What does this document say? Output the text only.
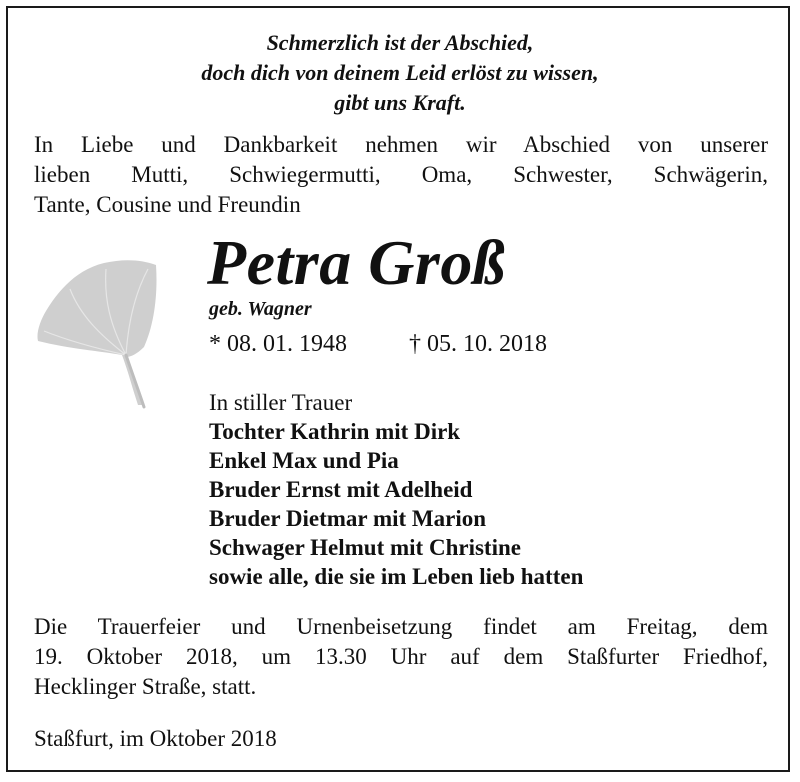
Schmerzlich ist der Abschied,
doch dich von deinem Leid erlöst zu wissen,
gibt uns Kraft.
In Liebe und Dankbarkeit nehmen wir Abschied von unserer
lieben Mutti, Schwiegermutti, Oma, Schwester, Schwägerin,
Tante, Cousine und Freundin
Petra Groß
geb. Wagner
* 08. 01. 1948	† 05. 10. 2018
In stiller Trauer
Tochter Kathrin mit Dirk
Enkel Max und Pia
Bruder Ernst mit Adelheid
Bruder Dietmar mit Marion
Schwager Helmut mit Christine
sowie alle, die sie im Leben lieb hatten
Die Trauerfeier und Urnenbeisetzung findet am Freitag, dem
19. Oktober 2018, um 13.30 Uhr auf dem Staßfurter Friedhof,
Hecklinger Straße, statt.
Staßfurt, im Oktober 2018
